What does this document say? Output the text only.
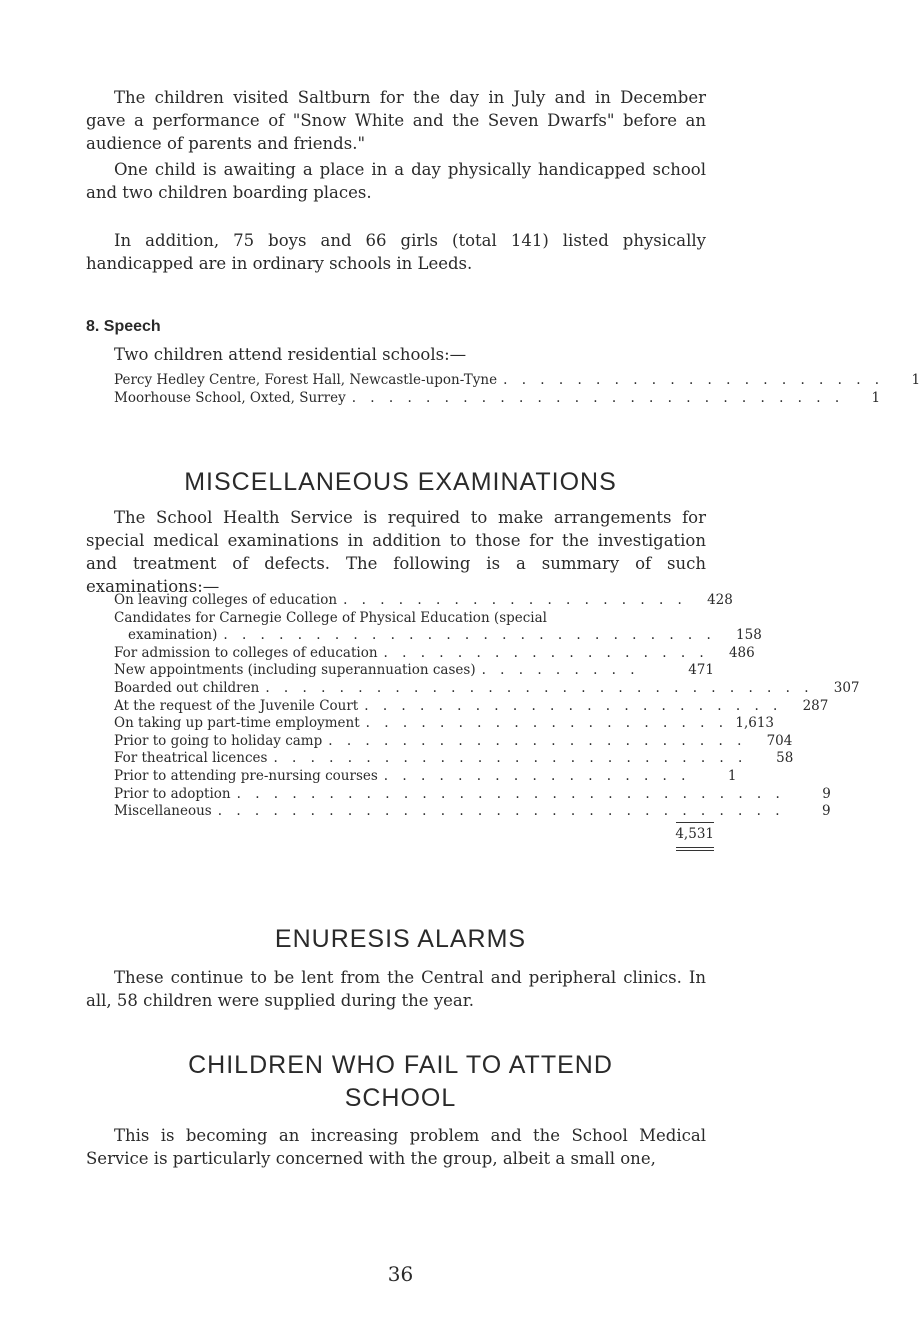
The children visited Saltburn for the day in July and in December gave a performance of "Snow White and the Seven Dwarfs" before an audience of parents and friends."

One child is awaiting a place in a day physically handicapped school and two children boarding places.

In addition, 75 boys and 66 girls (total 141) listed physically handicapped are in ordinary schools in Leeds.

8. Speech
Two children attend residential schools:—
Percy Hedley Centre, Forest Hall, Newcastle-upon-Tyne . . . . . . . . . . . . . . . . . . . . .	1
Moorhouse School, Oxted, Surrey . . . . . . . . . . . . . . . . . . . . . . . . . . .	1
MISCELLANEOUS EXAMINATIONS

The School Health Service is required to make arrangements for special medical examinations in addition to those for the investigation and treatment of defects. The following is a summary of such examinations:—

On leaving colleges of education . . . . . . . . . . . . . . . . . . .	428
Candidates for Carnegie College of Physical Education (special
examination) . . . . . . . . . . . . . . . . . . . . . . . . . . .	158
For admission to colleges of education . . . . . . . . . . . . . . . . . .	486
New appointments (including superannuation cases) . . . . . . . . .	471
Boarded out children . . . . . . . . . . . . . . . . . . . . . . . . . . . . . .	307
At the request of the Juvenile Court . . . . . . . . . . . . . . . . . . . . . . .	287
On taking up part-time employment . . . . . . . . . . . . . . . . . . . . 1,613
Prior to going to holiday camp . . . . . . . . . . . . . . . . . . . . . . .	704
For theatrical licences . . . . . . . . . . . . . . . . . . . . . . . . . .	58
Prior to attending pre-nursing courses . . . . . . . . . . . . . . . . .	1
Prior to adoption . . . . . . . . . . . . . . . . . . . . . . . . . . . . . .	9
Miscellaneous . . . . . . . . . . . . . . . . . . . . . . . . . . . . . . .	9
4,531
ENURESIS ALARMS

These continue to be lent from the Central and peripheral clinics. In all, 58 children were supplied during the year.

CHILDREN WHO FAIL TO ATTEND
SCHOOL

This is becoming an increasing problem and the School Medical Service is particularly concerned with the group, albeit a small one,

36
